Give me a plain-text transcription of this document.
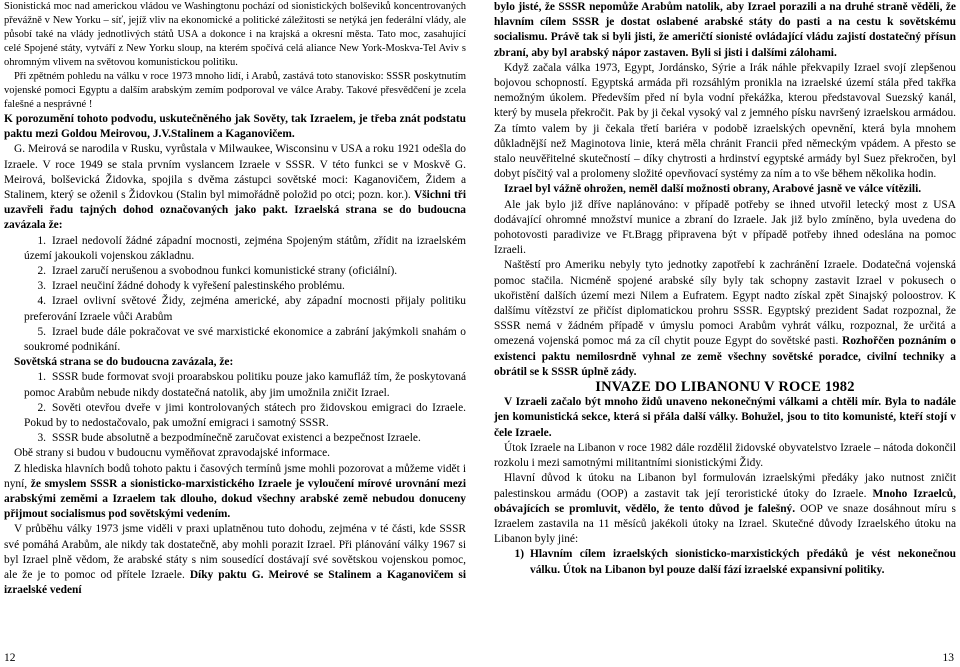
Sionistická moc nad americkou vládou ve Washingtonu pochází od sionistických bolševiků koncentrovaných převážně v New Yorku – síť, jejíž vliv na ekonomické a politické záležitosti se netýká jen federální vlády, ale působí také na vlády jednotlivých států USA a dokonce i na krajská a okresní města. Tato moc, zasahující celé Spojené státy, vytváří z New Yorku sloup, na kterém spočívá celá aliance New York-Moskva-Tel Aviv s ohromným vlivem na světovou komunistickou politiku.

Při zpětném pohledu na válku v roce 1973 mnoho lidí, i Arabů, zastává toto stanovisko: SSSR poskytnutím vojenské pomoci Egyptu a dalším arabským zemím podporoval ve válce Araby. Takové přesvědčení je zcela falešné a nesprávné !

K porozumění tohoto podvodu, uskutečněného jak Sověty, tak Izraelem, je třeba znát podstatu paktu mezi Goldou Meirovou, J.V.Stalinem a Kaganovičem.

G. Meirová se narodila v Rusku, vyrůstala v Milwaukee, Wisconsinu v USA a roku 1921 odešla do Izraele. V roce 1949 se stala prvním vyslancem Izraele v SSSR. V této funkci se v Moskvě G. Meirová, bolševická Židovka, spojila s dvěma zástupci sovětské moci: Kaganovičem, Židem a Stalinem, který se oženil s Židovkou (Stalin byl mimořádně položid po otci; pozn. kor.). Všichni tři uzavřeli řadu tajných dohod označovaných jako pakt. Izraelská strana se do budoucna zavázala že:

1. Izrael nedovolí žádné západní mocnosti, zejména Spojeným státům, zřídit na izraelském území jakoukoli vojenskou základnu.

2. Izrael zaručí nerušenou a svobodnou funkci komunistické strany (oficiální).

3. Izrael neučiní žádné dohody k vyřešení palestinského problému.

4. Izrael ovlivní světové Židy, zejména americké, aby západní mocnosti přijaly politiku preferování Izraele vůči Arabům

5. Izrael bude dále pokračovat ve své marxistické ekonomice a zabrání jakýmkoli snahám o soukromé podnikání.

Sovětská strana se do budoucna zavázala, že:

1. SSSR bude formovat svoji proarabskou politiku pouze jako kamufláž tím, že poskytovaná pomoc Arabům nebude nikdy dostatečná natolik, aby jim umožnila zničit Izrael.

2. Sověti otevřou dveře v jimi kontrolovaných státech pro židovskou emigraci do Izraele. Pokud by to nedostačovalo, pak umožní emigraci i samotný SSSR.

3. SSSR bude absolutně a bezpodmínečně zaručovat existenci a bezpečnost Izraele.

Obě strany si budou v budoucnu vyměňovat zpravodajské informace.

Z hlediska hlavních bodů tohoto paktu i časových termínů jsme mohli pozorovat a můžeme vidět i nyní, že smyslem SSSR a sionisticko-marxistického Izraele je vyloučení mírové urovnání mezi arabskými zeměmi a Izraelem tak dlouho, dokud všechny arabské země nebudou donuceny přijmout socialismus pod sovětskými vedením.

V průběhu války 1973 jsme viděli v praxi uplatněnou tuto dohodu, zejména v té části, kde SSSR své pomáhá Arabům, ale nikdy tak dostatečně, aby mohli porazit Izrael. Při plánování války 1967 si byl Izrael plně vědom, že arabské státy s nim sousedící dostávají své sovětskou vojenskou pomoc, ale že je to pomoc od přítele Izraele. Díky paktu G. Meirové se Stalinem a Kaganovičem si izraelské vedení

bylo jisté, že SSSR nepomůže Arabům natolik, aby Izrael porazili a na druhé straně věděli, že hlavním cílem SSSR je dostat oslabené arabské státy do pasti a na cestu k sovětskému socialismu. Právě tak si byli jisti, že američtí sionisté ovládající vládu zajistí dostatečný přísun zbraní, aby byl arabský nápor zastaven. Byli si jisti i dalšími zálohami.

Když začala válka 1973, Egypt, Jordánsko, Sýrie a Irák náhle překvapily Izrael svojí zlepšenou bojovou schopností. Egyptská armáda při rozsáhlým pronikla na izraelské území stála před takřka nemožným úkolem. Především před ní byla vodní překážka, kterou představoval Suezský kanál, který by musela překročit. Pak by ji čekal vysoký val z jemného písku navršený izraelskou armádou. Za tímto valem by ji čekala třetí bariéra v podobě izraelských opevnění, která byla mnohem důkladnější než Maginotova linie, která měla chránit Francii před německým vpádem. A přesto se stalo neuvěřitelné skutečností – díky chytrosti a hrdinství egyptské armády byl Suez překročen, byl dobyt písčitý val a prolomeny složité opevňovací systémy za ním a to vše během několika hodin.

Izrael byl vážně ohrožen, neměl další možnosti obrany, Arabové jasně ve válce vítězili.

Ale jak bylo již dříve naplánováno: v případě potřeby se ihned utvořil letecký most z USA dodávající ohromné množství munice a zbraní do Izraele. Jak již bylo zmíněno, byla uvedena do pohotovosti paradivize ve Ft.Bragg připravena být v případě potřeby ihned odeslána na pomoc Izraeli.

Naštěstí pro Ameriku nebyly tyto jednotky zapotřebí k zachránění Izraele. Dodatečná vojenská pomoc stačila. Nicméně spojené arabské síly byly tak schopny zastavit Izrael v pokusech o ukořistění dalších území mezi Nilem a Eufratem. Egypt nadto získal zpět Sinajský poloostrov. K dalšímu vítězství ze přičíst diplomatickou prohru SSSR. Egyptský prezident Sadat rozpoznal, že SSSR nemá v žádném případě v úmyslu pomoci Arabům vyhrát válku, rozpoznal, že určitá a omezená vojenská pomoc má za cíl chytit pouze Egypt do sovětské pasti. Rozhořčen poznáním o existenci paktu nemilosrdně vyhnal ze země všechny sovětské poradce, civilní techniky a obrátil se k SSSR úplně zády.

INVAZE DO LIBANONU V ROCE 1982

V Izraeli začalo být mnoho židů unaveno nekonečnými válkami a chtěli mír. Byla to nadále jen komunistická sekce, která si přála další války. Bohužel, jsou to tito komunisté, kteří stojí v čele Izraele.

Útok Izraele na Libanon v roce 1982 dále rozdělil židovské obyvatelstvo Izraele – nátoda dokončil rozkolu i mezi samotnými militantními sionistickými Židy.

Hlavní důvod k útoku na Libanon byl formulován izraelskými předáky jako nutnost zničit palestinskou armádu (OOP) a zastavit tak její teroristické útoky do Izraele. Mnoho Izraelců, obávajících se promluvit, vědělo, že tento důvod je falešný. OOP ve snaze dosáhnout míru s Izraelem zastavila na 11 měsíců jakékoli útoky na Izrael. Skutečné důvody Izraelského útoku na Libanon byly jiné:

1) Hlavním cílem izraelských sionisticko-marxistických předáků je vést nekonečnou válku. Útok na Libanon byl pouze další fází izraelské expansivní politiky.

12	13
